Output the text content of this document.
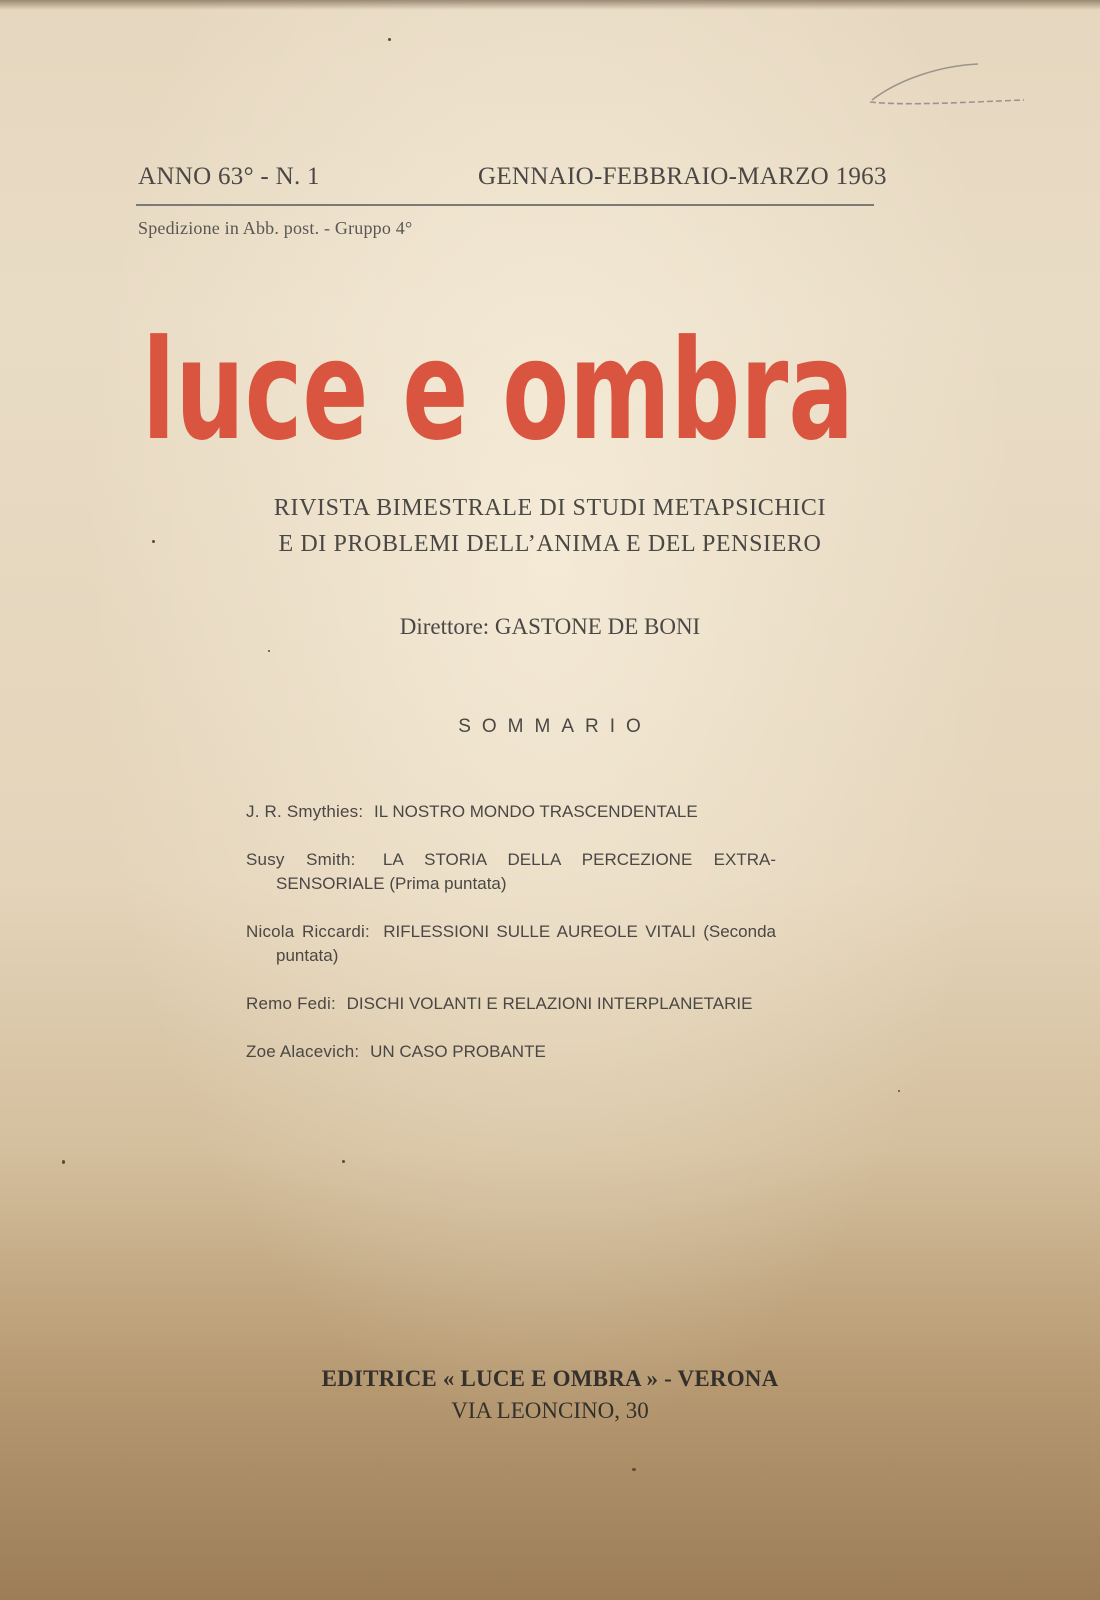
ANNO 63° - N. 1	GENNAIO-FEBBRAIO-MARZO 1963
Spedizione in Abb. post. - Gruppo 4°
luce e ombra
RIVISTA BIMESTRALE DI STUDI METAPSICHICI
E DI PROBLEMI DELL’ANIMA E DEL PENSIERO
Direttore: GASTONE DE BONI
SOMMARIO
J. R. Smythies: IL NOSTRO MONDO TRASCENDENTALE
Susy Smith: LA STORIA DELLA PERCEZIONE EXTRA-SENSORIALE (Prima puntata)
Nicola Riccardi: RIFLESSIONI SULLE AUREOLE VITALI (Seconda puntata)
Remo Fedi: DISCHI VOLANTI E RELAZIONI INTERPLANETARIE
Zoe Alacevich: UN CASO PROBANTE
EDITRICE « LUCE E OMBRA » - VERONA
VIA LEONCINO, 30
